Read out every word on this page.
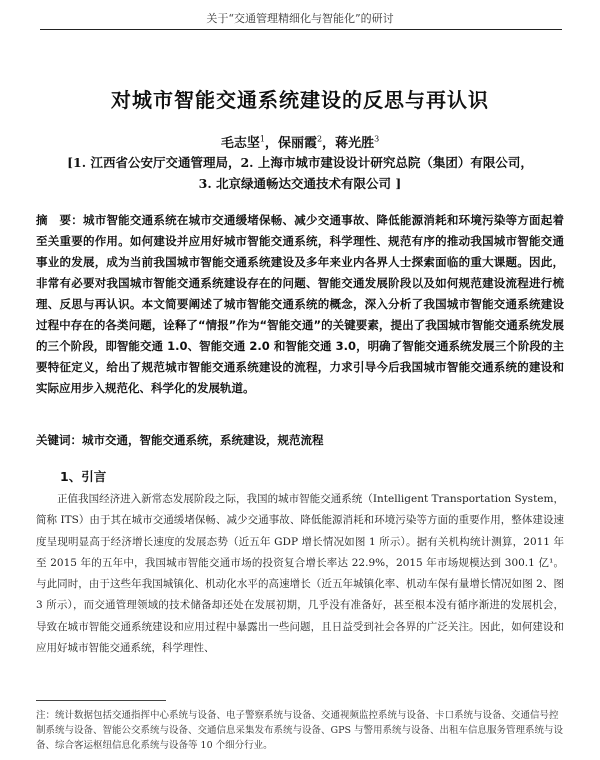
关于“交通管理精细化与智能化”的研讨
对城市智能交通系统建设的反思与再认识
毛志坚$^1$，保丽霞$^2$，蒋光胜$^3$
[1. 江西省公安厅交通管理局，2. 上海市城市建设设计研究总院（集团）有限公司，
3. 北京绿通畅达交通技术有限公司 ]
摘　要：城市智能交通系统在城市交通缓堵保畅、减少交通事故、降低能源消耗和环境污染等方面起着至关重要的作用。如何建设并应用好城市智能交通系统，科学理性、规范有序的推动我国城市智能交通事业的发展，成为当前我国城市智能交通系统建设及多年来业内各界人士探索面临的重大课题。因此，非常有必要对我国城市智能交通系统建设存在的问题、智能交通发展阶段以及如何规范建设流程进行梳理、反思与再认识。本文简要阐述了城市智能交通系统的概念，深入分析了我国城市智能交通系统建设过程中存在的各类问题，诠释了“情报”作为“智能交通”的关键要素，提出了我国城市智能交通系统发展的三个阶段，即智能交通 1.0、智能交通 2.0 和智能交通 3.0，明确了智能交通系统发展三个阶段的主要特征定义，给出了规范城市智能交通系统建设的流程，力求引导今后我国城市智能交通系统的建设和实际应用步入规范化、科学化的发展轨道。
关键词：城市交通，智能交通系统，系统建设，规范流程
1、引言

正值我国经济进入新常态发展阶段之际，我国的城市智能交通系统（Intelligent Transportation System，简称 ITS）由于其在城市交通缓堵保畅、减少交通事故、降低能源消耗和环境污染等方面的重要作用，整体建设速度呈现明显高于经济增长速度的发展态势（近五年 GDP 增长情况如图 1 所示）。据有关机构统计测算，2011 年至 2015 年的五年中，我国城市智能交通市场的投资复合增长率达 22.9%，2015 年市场规模达到 300.1 亿¹。与此同时，由于这些年我国城镇化、机动化水平的高速增长（近五年城镇化率、机动车保有量增长情况如图 2、图 3 所示），而交通管理领域的技术储备却还处在发展初期，几乎没有准备好，甚至根本没有循序渐进的发展机会，导致在城市智能交通系统建设和应用过程中暴露出一些问题，且日益受到社会各界的广泛关注。因此，如何建设和应用好城市智能交通系统，科学理性、

注：统计数据包括交通指挥中心系统与设备、电子警察系统与设备、交通视频监控系统与设备、卡口系统与设备、交通信号控制系统与设备、智能公交系统与设备、交通信息采集发布系统与设备、GPS 与警用系统与设备、出租车信息服务管理系统与设备、综合客运枢纽信息化系统与设备等 10 个细分行业。
